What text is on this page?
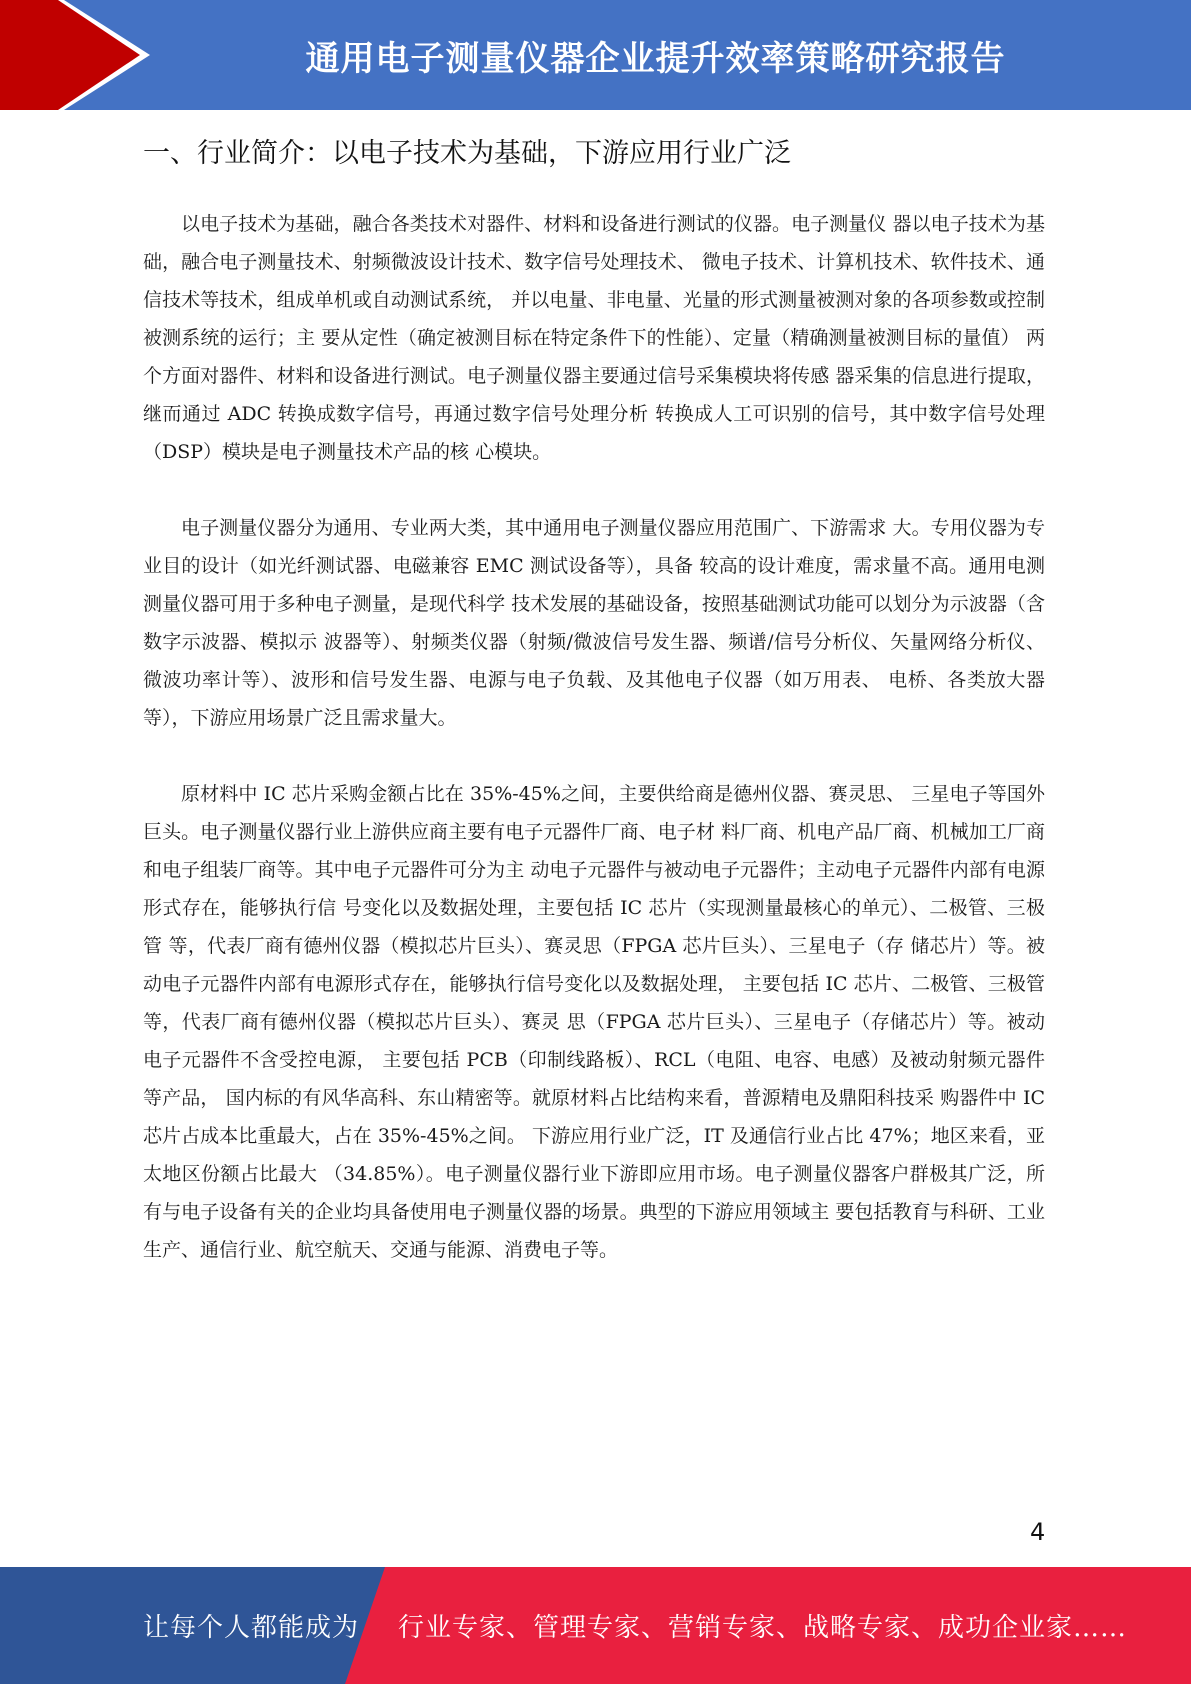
通用电子测量仪器企业提升效率策略研究报告
一、行业简介：以电子技术为基础，下游应用行业广泛

以电子技术为基础，融合各类技术对器件、材料和设备进行测试的仪器。电子测量仪 器以电子技术为基础，融合电子测量技术、射频微波设计技术、数字信号处理技术、 微电子技术、计算机技术、软件技术、通信技术等技术，组成单机或自动测试系统， 并以电量、非电量、光量的形式测量被测对象的各项参数或控制被测系统的运行；主 要从定性（确定被测目标在特定条件下的性能）、定量（精确测量被测目标的量值） 两个方面对器件、材料和设备进行测试。电子测量仪器主要通过信号采集模块将传感 器采集的信息进行提取，继而通过 ADC 转换成数字信号，再通过数字信号处理分析 转换成人工可识别的信号，其中数字信号处理（DSP）模块是电子测量技术产品的核 心模块。

电子测量仪器分为通用、专业两大类，其中通用电子测量仪器应用范围广、下游需求 大。专用仪器为专业目的设计（如光纤测试器、电磁兼容 EMC 测试设备等），具备 较高的设计难度，需求量不高。通用电测测量仪器可用于多种电子测量，是现代科学 技术发展的基础设备，按照基础测试功能可以划分为示波器（含数字示波器、模拟示 波器等）、射频类仪器（射频/微波信号发生器、频谱/信号分析仪、矢量网络分析仪、 微波功率计等）、波形和信号发生器、电源与电子负载、及其他电子仪器（如万用表、 电桥、各类放大器等），下游应用场景广泛且需求量大。

原材料中 IC 芯片采购金额占比在 35%-45%之间，主要供给商是德州仪器、赛灵思、 三星电子等国外巨头。电子测量仪器行业上游供应商主要有电子元器件厂商、电子材 料厂商、机电产品厂商、机械加工厂商和电子组装厂商等。其中电子元器件可分为主 动电子元器件与被动电子元器件；主动电子元器件内部有电源形式存在，能够执行信 号变化以及数据处理，主要包括 IC 芯片（实现测量最核心的单元）、二极管、三极管 等，代表厂商有德州仪器（模拟芯片巨头）、赛灵思（FPGA 芯片巨头）、三星电子（存 储芯片）等。被动电子元器件内部有电源形式存在，能够执行信号变化以及数据处理， 主要包括 IC 芯片、二极管、三极管等，代表厂商有德州仪器（模拟芯片巨头）、赛灵 思（FPGA 芯片巨头）、三星电子（存储芯片）等。被动电子元器件不含受控电源， 主要包括 PCB（印制线路板）、RCL（电阻、电容、电感）及被动射频元器件等产品， 国内标的有风华高科、东山精密等。就原材料占比结构来看，普源精电及鼎阳科技采 购器件中 IC 芯片占成本比重最大，占在 35%-45%之间。 下游应用行业广泛，IT 及通信行业占比 47%；地区来看，亚太地区份额占比最大 （34.85%）。电子测量仪器行业下游即应用市场。电子测量仪器客户群极其广泛，所 有与电子设备有关的企业均具备使用电子测量仪器的场景。典型的下游应用领域主 要包括教育与科研、工业生产、通信行业、航空航天、交通与能源、消费电子等。

4
让每个人都能成为 行业专家、管理专家、营销专家、战略专家、成功企业家……
